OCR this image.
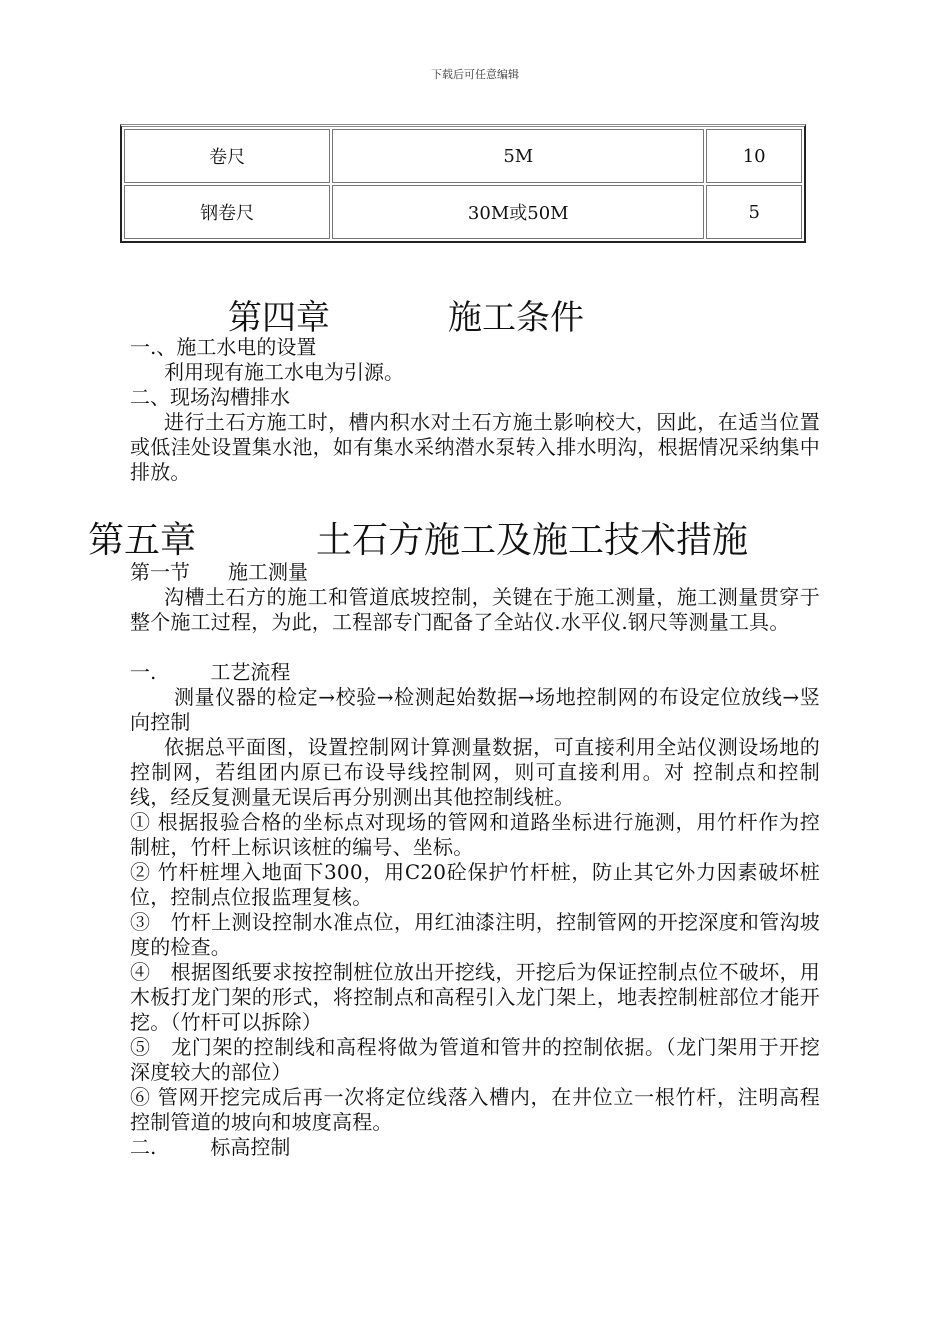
下载后可任意编辑
卷尺	5M	10
钢卷尺	30M或50M	5
第四章	施工条件
一.、施工水电的设置
利用现有施工水电为引源。
二、现场沟槽排水
进行土石方施工时，槽内积水对土石方施土影响校大，因此，在适当位置或低洼处设置集水池，如有集水采纳潜水泵转入排水明沟，根据情况采纳集中排放。
第五章	土石方施工及施工技术措施
第一节 施工测量
沟槽土石方的施工和管道底坡控制，关键在于施工测量，施工测量贯穿于整个施工过程，为此，工程部专门配备了全站仪.水平仪.钢尺等测量工具。
一.	工艺流程
测量仪器的检定→校验→检测起始数据→场地控制网的布设定位放线→竖向控制
依据总平面图，设置控制网计算测量数据，可直接利用全站仪测设场地的控制网，若组团内原已布设导线控制网，则可直接利用。对 控制点和控制线，经反复测量无误后再分别测出其他控制线桩。
① 根据报验合格的坐标点对现场的管网和道路坐标进行施测，用竹杆作为控制桩，竹杆上标识该桩的编号、坐标。
② 竹杆桩埋入地面下300，用C20砼保护竹杆桩，防止其它外力因素破坏桩位，控制点位报监理复核。
③　竹杆上测设控制水准点位，用红油漆注明，控制管网的开挖深度和管沟坡度的检查。
④　根据图纸要求按控制桩位放出开挖线，开挖后为保证控制点位不破坏，用木板打龙门架的形式，将控制点和高程引入龙门架上，地表控制桩部位才能开挖。（竹杆可以拆除）
⑤　龙门架的控制线和高程将做为管道和管井的控制依据。（龙门架用于开挖深度较大的部位）
⑥ 管网开挖完成后再一次将定位线落入槽内，在井位立一根竹杆，注明高程控制管道的坡向和坡度高程。
二.	标高控制
